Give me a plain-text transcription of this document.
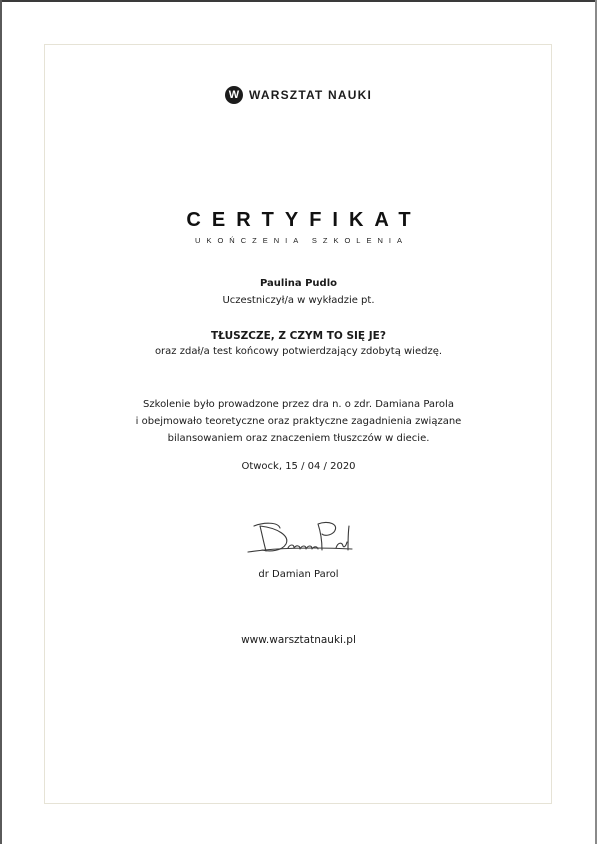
W WARSZTAT NAUKI
CERTYFIKAT
UKOŃCZENIA SZKOLENIA
Paulina Pudlo
Uczestniczył/a w wykładzie pt.
TŁUSZCZE, Z CZYM TO SIĘ JE?
oraz zdał/a test końcowy potwierdzający zdobytą wiedzę.
Szkolenie było prowadzone przez dra n. o zdr. Damiana Parola
i obejmowało teoretyczne oraz praktyczne zagadnienia związane
bilansowaniem oraz znaczeniem tłuszczów w diecie.
Otwock, 15 / 04 / 2020
dr Damian Parol
www.warsztatnauki.pl
